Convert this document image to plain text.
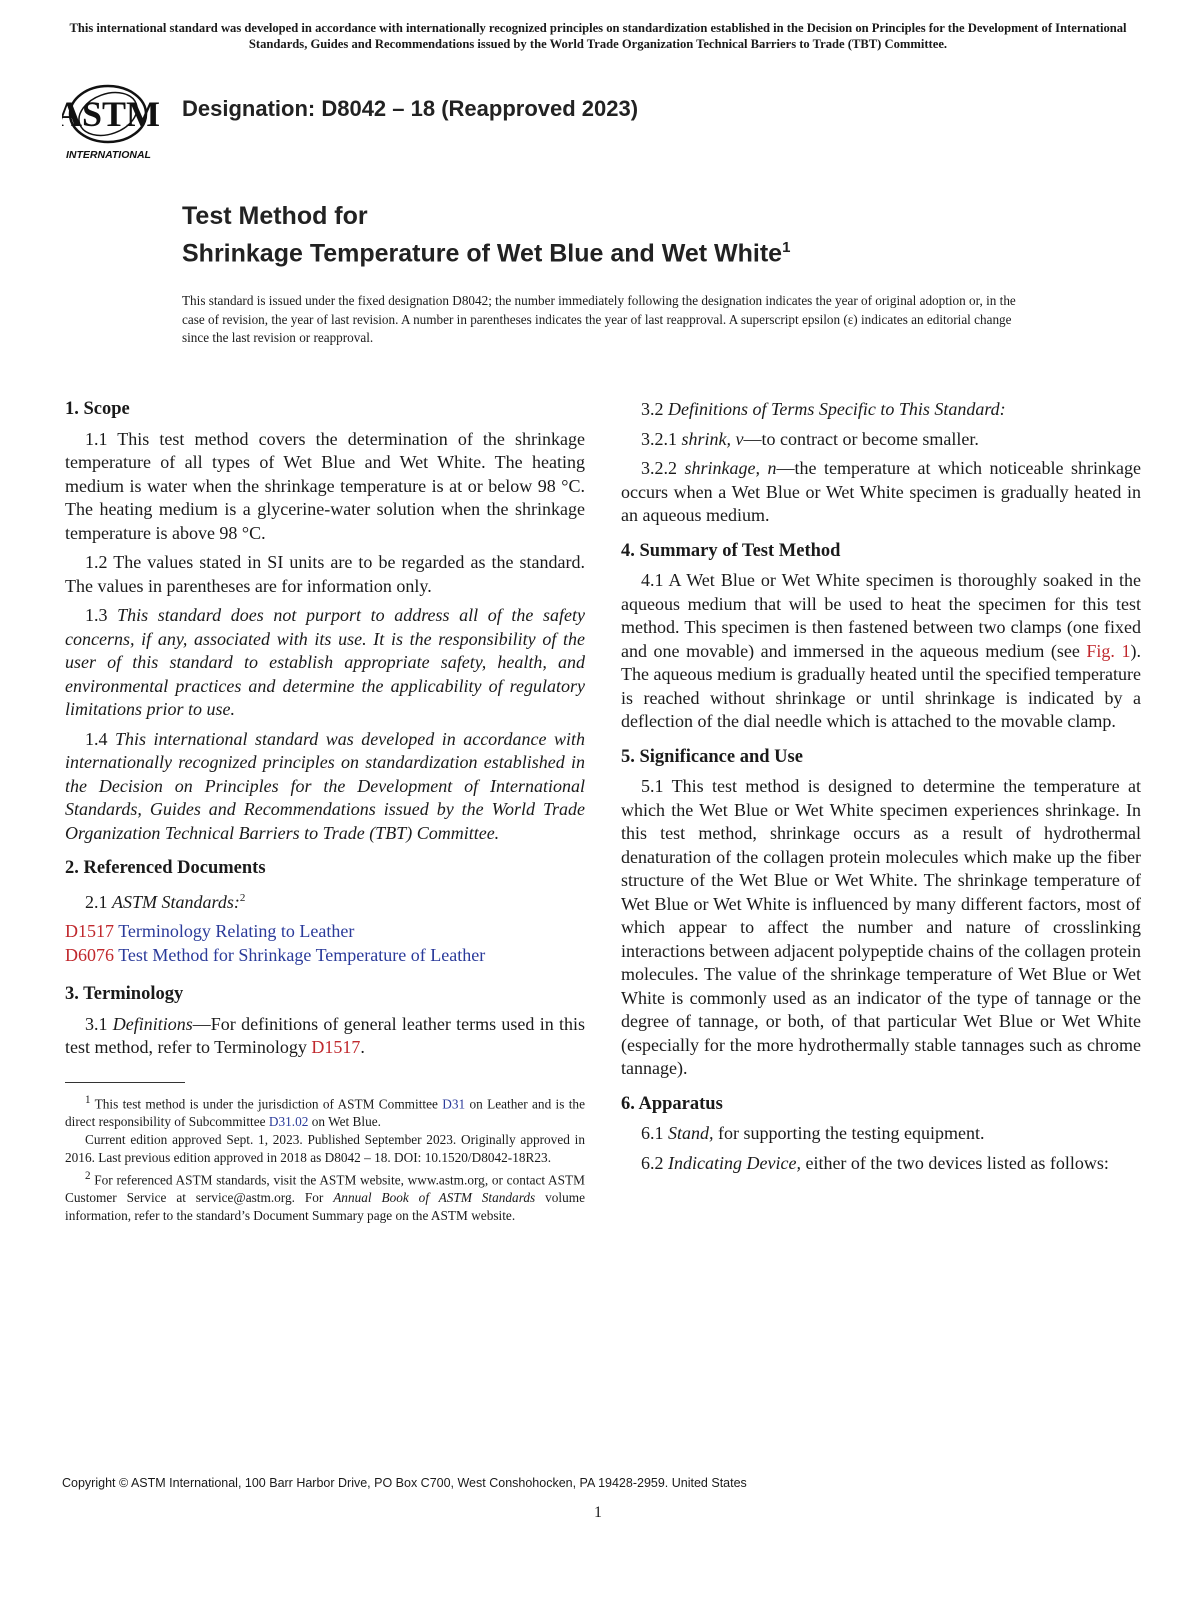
This international standard was developed in accordance with internationally recognized principles on standardization established in the Decision on Principles for the Development of International Standards, Guides and Recommendations issued by the World Trade Organization Technical Barriers to Trade (TBT) Committee.
ASTM
INTERNATIONAL
Designation: D8042 – 18 (Reapproved 2023)
Test Method for
Shrinkage Temperature of Wet Blue and Wet White$^1$
This standard is issued under the fixed designation D8042; the number immediately following the designation indicates the year of original adoption or, in the case of revision, the year of last revision. A number in parentheses indicates the year of last reapproval. A superscript epsilon (ε) indicates an editorial change since the last revision or reapproval.
1. Scope

1.1 This test method covers the determination of the shrinkage temperature of all types of Wet Blue and Wet White. The heating medium is water when the shrinkage temperature is at or below 98 °C. The heating medium is a glycerine-water solution when the shrinkage temperature is above 98 °C.

1.2 The values stated in SI units are to be regarded as the standard. The values in parentheses are for information only.

1.3 This standard does not purport to address all of the safety concerns, if any, associated with its use. It is the responsibility of the user of this standard to establish appropriate safety, health, and environmental practices and determine the applicability of regulatory limitations prior to use.

1.4 This international standard was developed in accordance with internationally recognized principles on standardization established in the Decision on Principles for the Development of International Standards, Guides and Recommendations issued by the World Trade Organization Technical Barriers to Trade (TBT) Committee.

2. Referenced Documents

2.1 ASTM Standards:$^2$

D1517 Terminology Relating to Leather
D6076 Test Method for Shrinkage Temperature of Leather
3. Terminology

3.1 Definitions—For definitions of general leather terms used in this test method, refer to Terminology D1517.

$^1$ This test method is under the jurisdiction of ASTM Committee D31 on Leather and is the direct responsibility of Subcommittee D31.02 on Wet Blue.

Current edition approved Sept. 1, 2023. Published September 2023. Originally approved in 2016. Last previous edition approved in 2018 as D8042 – 18. DOI: 10.1520/D8042-18R23.

$^2$ For referenced ASTM standards, visit the ASTM website, www.astm.org, or contact ASTM Customer Service at service@astm.org. For Annual Book of ASTM Standards volume information, refer to the standard’s Document Summary page on the ASTM website.

3.2 Definitions of Terms Specific to This Standard:

3.2.1 shrink, v—to contract or become smaller.

3.2.2 shrinkage, n—the temperature at which noticeable shrinkage occurs when a Wet Blue or Wet White specimen is gradually heated in an aqueous medium.

4. Summary of Test Method

4.1 A Wet Blue or Wet White specimen is thoroughly soaked in the aqueous medium that will be used to heat the specimen for this test method. This specimen is then fastened between two clamps (one fixed and one movable) and immersed in the aqueous medium (see Fig. 1). The aqueous medium is gradually heated until the specified temperature is reached without shrinkage or until shrinkage is indicated by a deflection of the dial needle which is attached to the movable clamp.

5. Significance and Use

5.1 This test method is designed to determine the temperature at which the Wet Blue or Wet White specimen experiences shrinkage. In this test method, shrinkage occurs as a result of hydrothermal denaturation of the collagen protein molecules which make up the fiber structure of the Wet Blue or Wet White. The shrinkage temperature of Wet Blue or Wet White is influenced by many different factors, most of which appear to affect the number and nature of crosslinking interactions between adjacent polypeptide chains of the collagen protein molecules. The value of the shrinkage temperature of Wet Blue or Wet White is commonly used as an indicator of the type of tannage or the degree of tannage, or both, of that particular Wet Blue or Wet White (especially for the more hydrothermally stable tannages such as chrome tannage).

6. Apparatus

6.1 Stand, for supporting the testing equipment.

6.2 Indicating Device, either of the two devices listed as follows:

Copyright © ASTM International, 100 Barr Harbor Drive, PO Box C700, West Conshohocken, PA 19428-2959. United States
1
